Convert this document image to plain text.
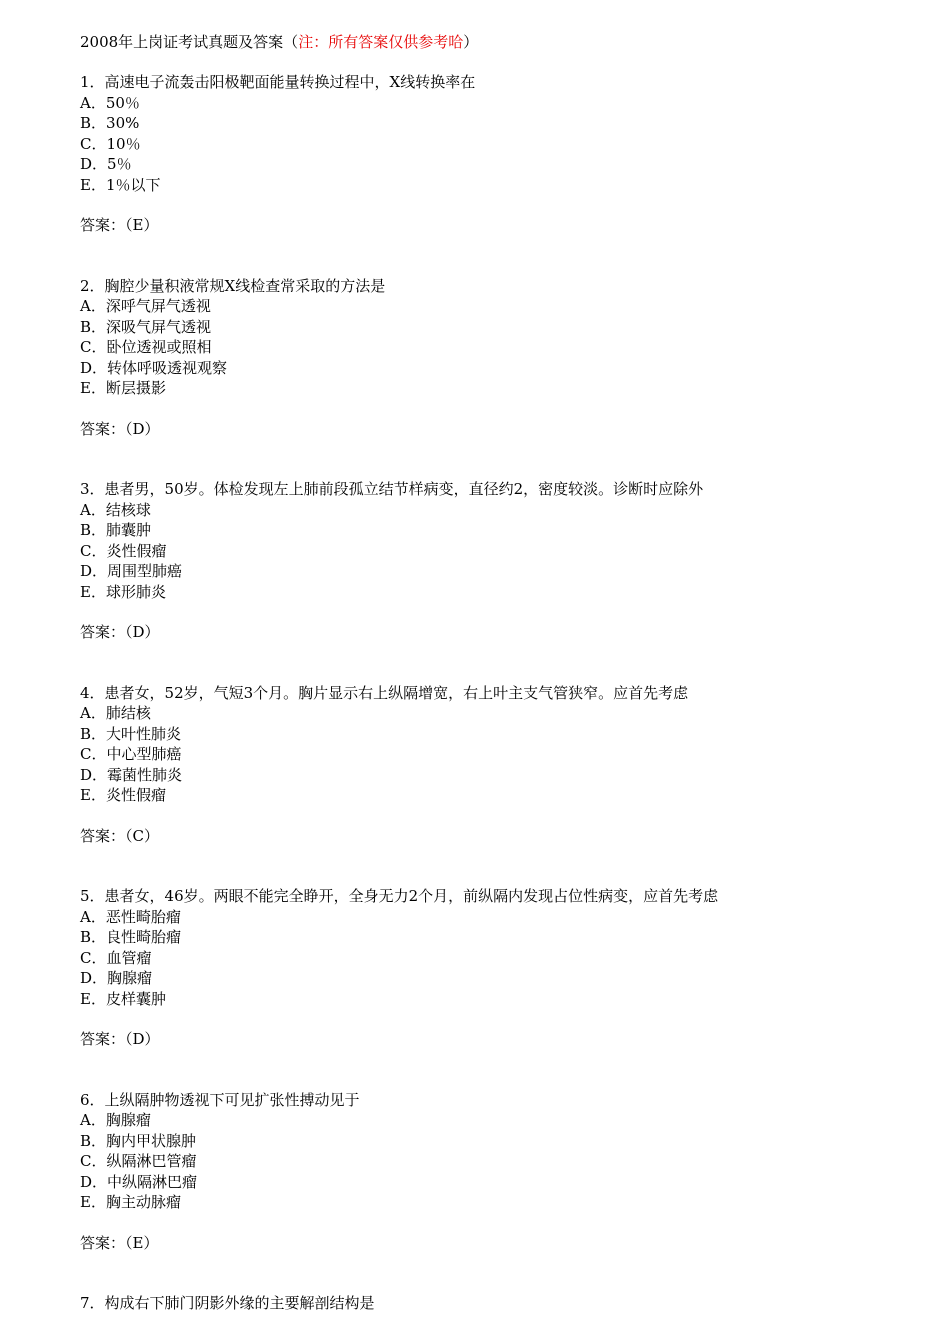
2008年上岗证考试真题及答案（注：所有答案仅供参考哈）

1．高速电子流轰击阳极靶面能量转换过程中，X线转换率在
A．50％
B．30%
C．10％
D．5％
E．1％以下
答案：（E）
2．胸腔少量积液常规X线检查常采取的方法是
A．深呼气屏气透视
B．深吸气屏气透视
C．卧位透视或照相
D．转体呼吸透视观察
E．断层摄影
答案：（D）
3．患者男，50岁。体检发现左上肺前段孤立结节样病变，直径约2，密度较淡。诊断时应除外
A．结核球
B．肺囊肿
C．炎性假瘤
D．周围型肺癌
E．球形肺炎
答案：（D）
4．患者女，52岁，气短3个月。胸片显示右上纵隔增宽，右上叶主支气管狭窄。应首先考虑
A．肺结核
B．大叶性肺炎
C．中心型肺癌
D．霉菌性肺炎
E．炎性假瘤
答案：（C）
5．患者女，46岁。两眼不能完全睁开，全身无力2个月，前纵隔内发现占位性病变，应首先考虑
A．恶性畸胎瘤
B．良性畸胎瘤
C．血管瘤
D．胸腺瘤
E．皮样囊肿
答案：（D）
6．上纵隔肿物透视下可见扩张性搏动见于
A．胸腺瘤
B．胸内甲状腺肿
C．纵隔淋巴管瘤
D．中纵隔淋巴瘤
E．胸主动脉瘤
答案：（E）
7．构成右下肺门阴影外缘的主要解剖结构是
